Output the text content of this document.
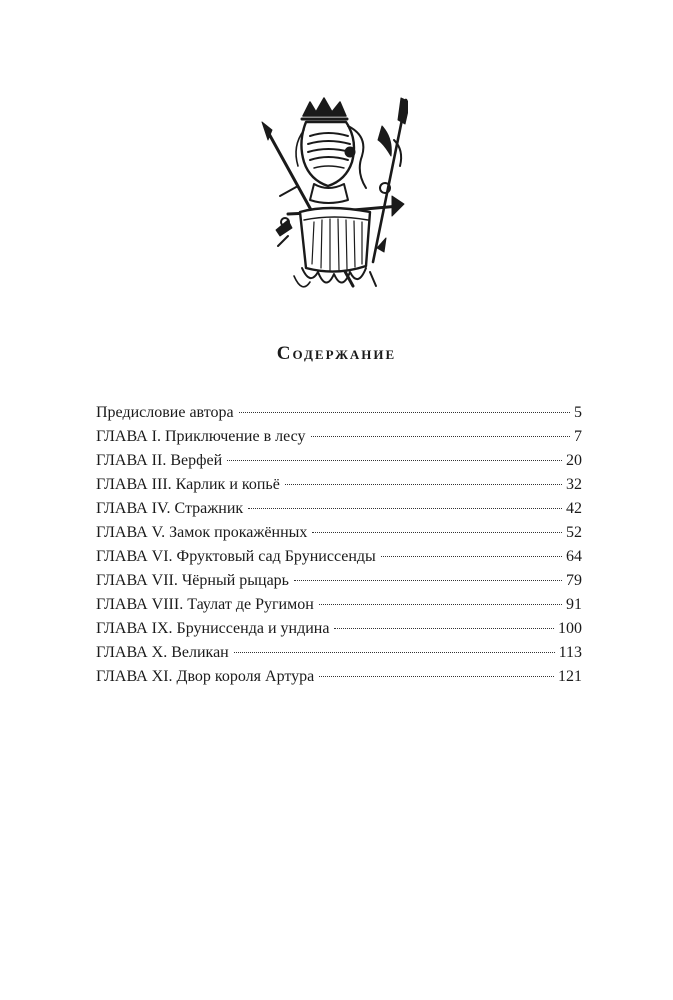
Содержание
Предисловие автора	5
ГЛАВА I. Приключение в лесу	7
ГЛАВА II. Верфей	20
ГЛАВА III. Карлик и копьё	32
ГЛАВА IV. Стражник	42
ГЛАВА V. Замок прокажённых	52
ГЛАВА VI. Фруктовый сад Бруниссенды	64
ГЛАВА VII. Чёрный рыцарь	79
ГЛАВА VIII. Таулат де Ругимон	91
ГЛАВА IX. Бруниссенда и ундина	100
ГЛАВА X. Великан	113
ГЛАВА XI. Двор короля Артура	121
